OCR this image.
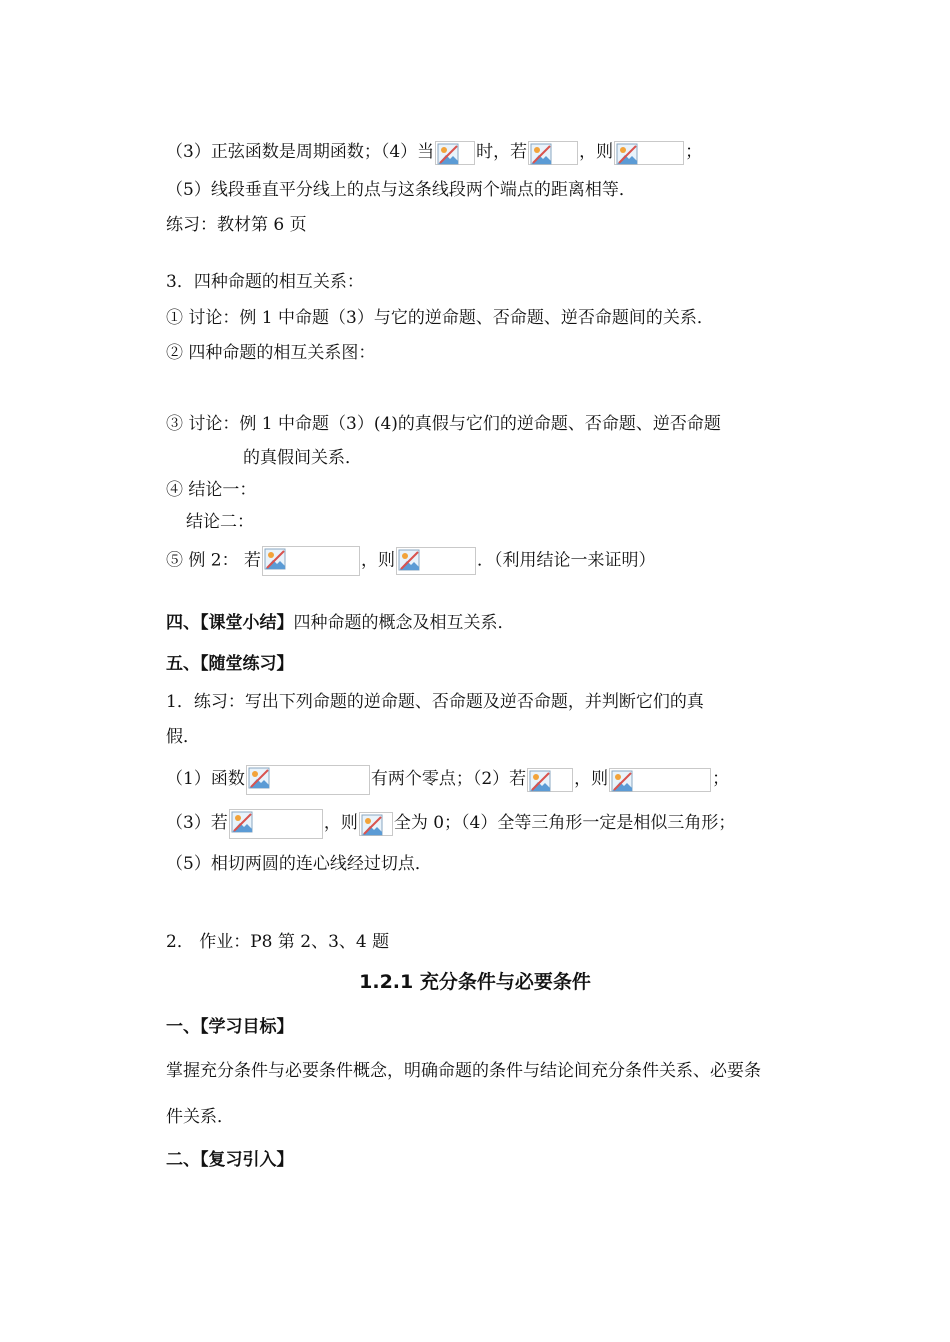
（3）正弦函数是周期函数；（4）当 时，若	，则	；
（5）线段垂直平分线上的点与这条线段两个端点的距离相等．
练习：教材第 6 页
3．四种命题的相互关系：
① 讨论：例 1 中命题（3）与它的逆命题、否命题、逆否命题间的关系．
② 四种命题的相互关系图：
③ 讨论：例 1 中命题（3）(4)的真假与它们的逆命题、否命题、逆否命题
的真假间关系．
④ 结论一：
结论二：
⑤ 例 2： 若	，则	．（利用结论一来证明）
四、【课堂小结】四种命题的概念及相互关系．
五、【随堂练习】
1．练习：写出下列命题的逆命题、否命题及逆否命题，并判断它们的真
假．
（1）函数	有两个零点；（2）若	，则	；
（3）若	，则 全为 0；（4）全等三角形一定是相似三角形；
（5）相切两圆的连心线经过切点．
2． 作业：P8 第 2、3、4 题
1.2.1 充分条件与必要条件
一、【学习目标】
掌握充分条件与必要条件概念，明确命题的条件与结论间充分条件关系、必要条
件关系．
二、【复习引入】
